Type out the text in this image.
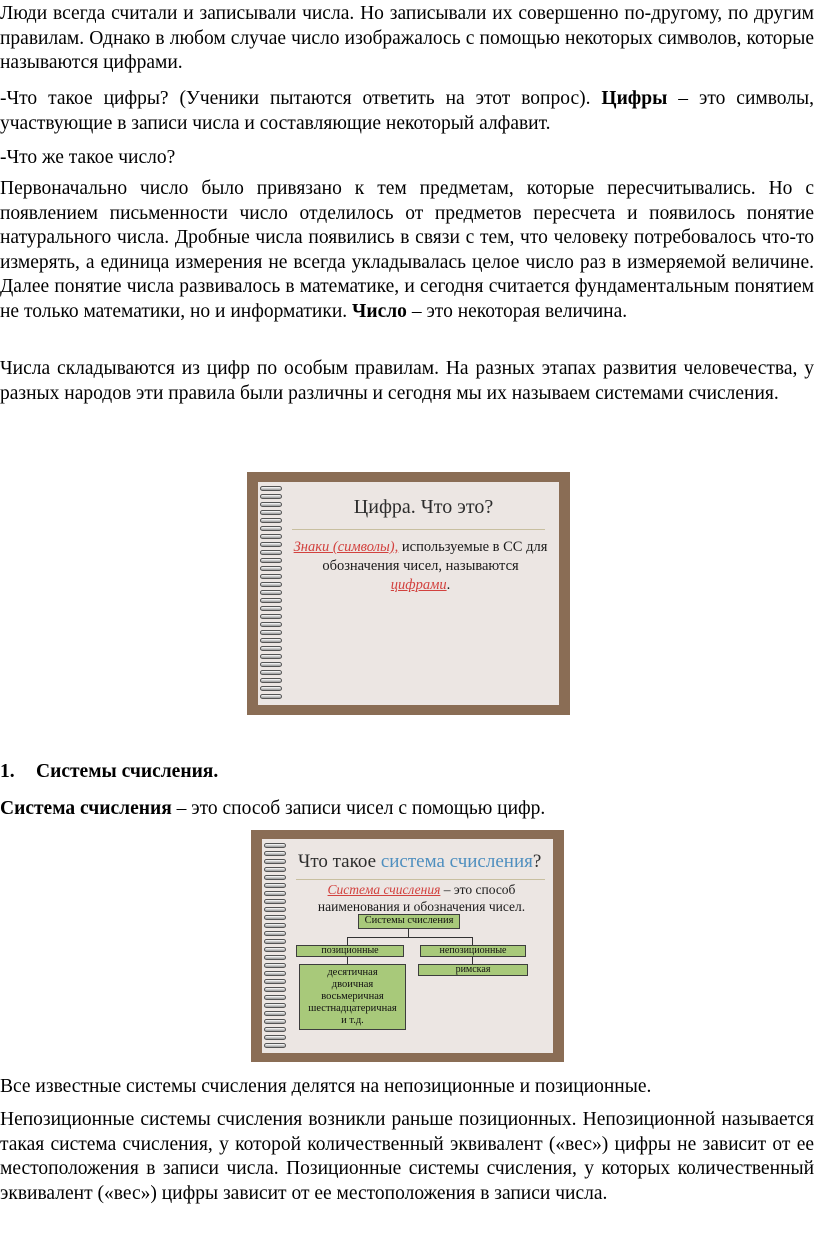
Люди всегда считали и записывали числа. Но записывали их совершенно по-другому, по другим правилам. Однако в любом случае число изображалось с помощью некоторых символов, которые называются цифрами.

-Что такое цифры? (Ученики пытаются ответить на этот вопрос). Цифры – это символы, участвующие в записи числа и составляющие некоторый алфавит.

-Что же такое число?

Первоначально число было привязано к тем предметам, которые пересчитывались. Но с появлением письменности число отделилось от предметов пересчета и появилось понятие натурального числа. Дробные числа появились в связи с тем, что человеку потребовалось что-то измерять, а единица измерения не всегда укладывалась целое число раз в измеряемой величине. Далее понятие числа развивалось в математике, и сегодня считается фундаментальным понятием не только математики, но и информатики. Число – это некоторая величина.

Числа складываются из цифр по особым правилам. На разных этапах развития человечества, у разных народов эти правила были различны и сегодня мы их называем системами счисления.

Цифра. Что это?
Знаки (символы), используемые в СС для
обозначения чисел, называются
цифрами.
1. Системы счисления.

Система счисления – это способ записи чисел с помощью цифр.

Что такое система счисления?
Система счисления – это способ
наименования и обозначения чисел.
Системы счисления
позиционные	непозиционные
десятичная
двоичная
восьмеричная
шестнадцатеричная
и т.д.
римская

Все известные системы счисления делятся на непозиционные и позиционные.

Непозиционные системы счисления возникли раньше позиционных. Непозиционной называется такая система счисления, у которой количественный эквивалент («вес») цифры не зависит от ее местоположения в записи числа. Позиционные системы счисления, у которых количественный эквивалент («вес») цифры зависит от ее местоположения в записи числа.
